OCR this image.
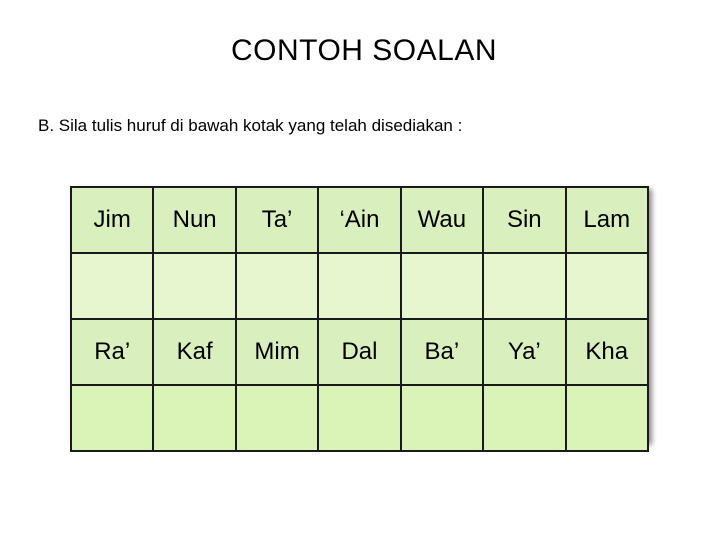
CONTOH SOALAN
B. Sila tulis huruf di bawah kotak yang telah disediakan :
Jim	Nun	Ta’	‘Ain	Wau	Sin	Lam

Ra’	Kaf	Mim	Dal	Ba’	Ya’	Kha
